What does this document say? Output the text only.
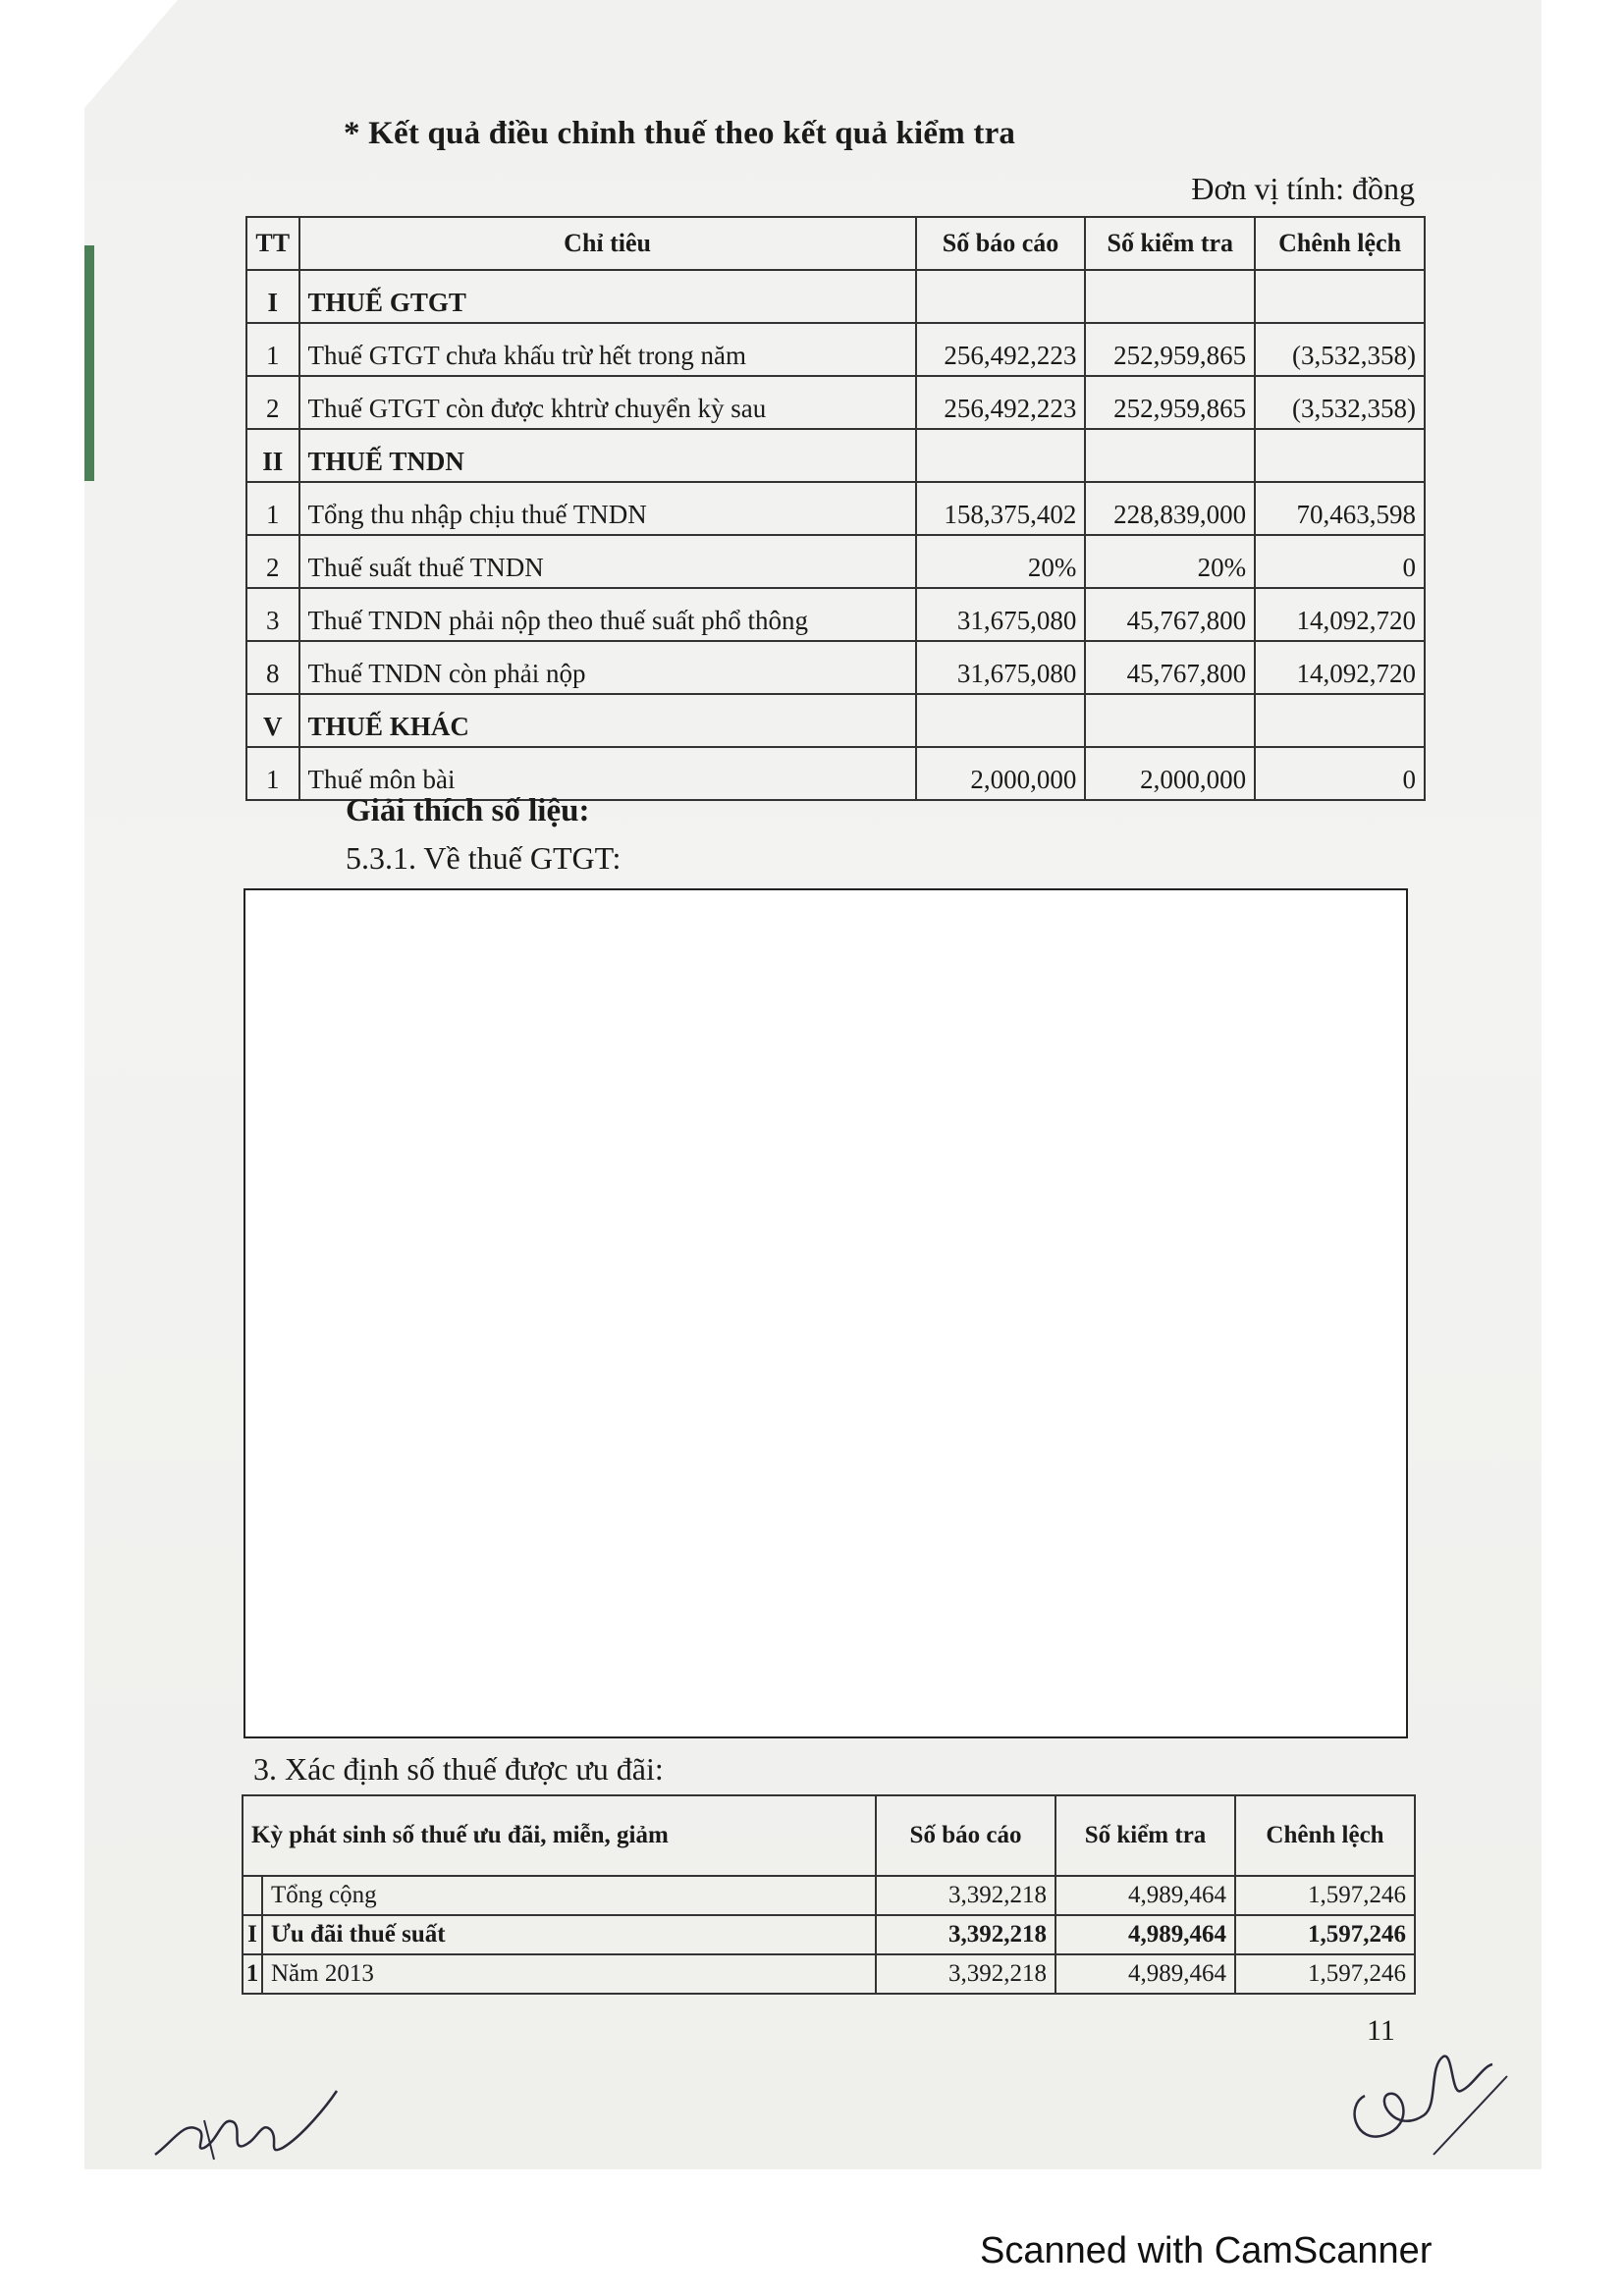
* Kết quả điều chỉnh thuế theo kết quả kiểm tra
Đơn vị tính: đồng
TT	Chỉ tiêu	Số báo cáo	Số kiểm tra	Chênh lệch
I	THUẾ GTGT			
1	Thuế GTGT chưa khấu trừ hết trong năm	256,492,223	252,959,865	(3,532,358)
2	Thuế GTGT còn được khtrừ chuyển kỳ sau	256,492,223	252,959,865	(3,532,358)
II	THUẾ TNDN			
1	Tổng thu nhập chịu thuế TNDN	158,375,402	228,839,000	70,463,598
2	Thuế suất thuế TNDN	20%	20%	0
3	Thuế TNDN phải nộp theo thuế suất phổ thông	31,675,080	45,767,800	14,092,720
8	Thuế TNDN còn phải nộp	31,675,080	45,767,800	14,092,720
V	THUẾ KHÁC			
1	Thuế môn bài	2,000,000	2,000,000	0
Giải thích số liệu:
5.3.1. Về thuế GTGT:
3. Xác định số thuế được ưu đãi:
Kỳ phát sinh số thuế ưu đãi, miễn, giảm		Số báo cáo	Số kiểm tra	Chênh lệch
	Tổng cộng	3,392,218	4,989,464	1,597,246
I	Ưu đãi thuế suất	3,392,218	4,989,464	1,597,246
1	Năm 2013	3,392,218	4,989,464	1,597,246
11
Scanned with CamScanner
